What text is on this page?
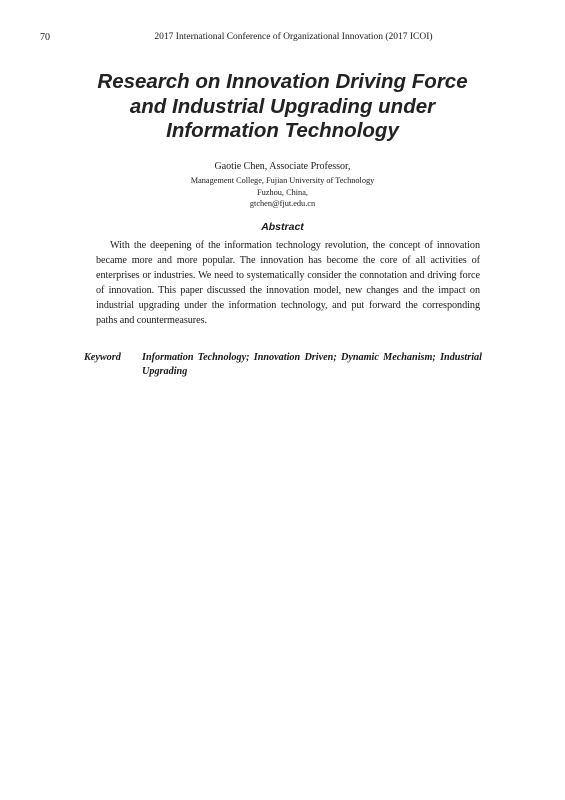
70	2017 International Conference of Organizational Innovation (2017 ICOI)
Research on Innovation Driving Force
and Industrial Upgrading under
Information Technology
Gaotie Chen, Associate Professor,
Management College, Fujian University of Technology
Fuzhou, China,
gtchen@fjut.edu.cn
Abstract

With the deepening of the information technology revolution, the concept of innovation became more and more popular. The innovation has become the core of all activities of enterprises or industries. We need to systematically consider the connotation and driving force of innovation. This paper discussed the innovation model, new changes and the impact on industrial upgrading under the information technology, and put forward the corresponding paths and countermeasures.

Keyword Information Technology; Innovation Driven; Dynamic Mechanism; Industrial Upgrading
